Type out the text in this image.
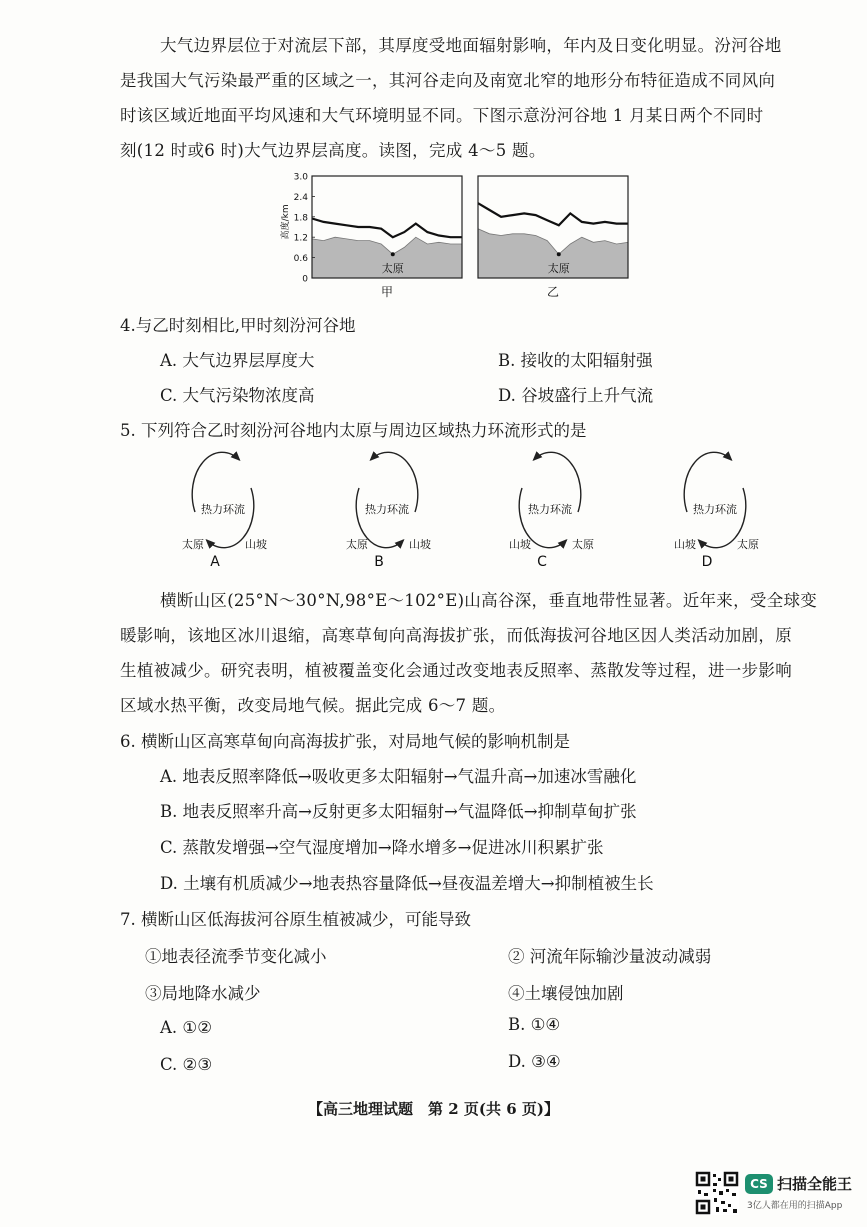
大气边界层位于对流层下部，其厚度受地面辐射影响，年内及日变化明显。汾河谷地
是我国大气污染最严重的区域之一，其河谷走向及南宽北窄的地形分布特征造成不同风向
时该区域近地面平均风速和大气环境明显不同。下图示意汾河谷地 1 月某日两个不同时
刻(12 时或6 时)大气边界层高度。读图，完成 4～5 题。
太原
甲
3.0
2.4
1.8
1.2
0.6
0
高度/km
太原
乙
4.与乙时刻相比,甲时刻汾河谷地
A. 大气边界层厚度大	B. 接收的太阳辐射强
C. 大气污染物浓度高	D. 谷坡盛行上升气流
5. 下列符合乙时刻汾河谷地内太原与周边区域热力环流形式的是
热力环流
太原	山坡
A
热力环流
太原	山坡
B
热力环流
山坡	太原
C
热力环流
山坡	太原
D
横断山区(25°N～30°N,98°E～102°E)山高谷深，垂直地带性显著。近年来，受全球变
暖影响，该地区冰川退缩，高寒草甸向高海拔扩张，而低海拔河谷地区因人类活动加剧，原
生植被减少。研究表明，植被覆盖变化会通过改变地表反照率、蒸散发等过程，进一步影响
区域水热平衡，改变局地气候。据此完成 6～7 题。
6. 横断山区高寒草甸向高海拔扩张，对局地气候的影响机制是
A. 地表反照率降低→吸收更多太阳辐射→气温升高→加速冰雪融化
B. 地表反照率升高→反射更多太阳辐射→气温降低→抑制草甸扩张
C. 蒸散发增强→空气湿度增加→降水增多→促进冰川积累扩张
D. 土壤有机质减少→地表热容量降低→昼夜温差增大→抑制植被生长
7. 横断山区低海拔河谷原生植被减少，可能导致
①地表径流季节变化减小	② 河流年际输沙量波动减弱
③局地降水减少	④土壤侵蚀加剧
A. ①②	B. ①④
C. ②③	D. ③④
【高三地理试题　第 2 页(共 6 页)】
CS 扫描全能王
3亿人都在用的扫描App
